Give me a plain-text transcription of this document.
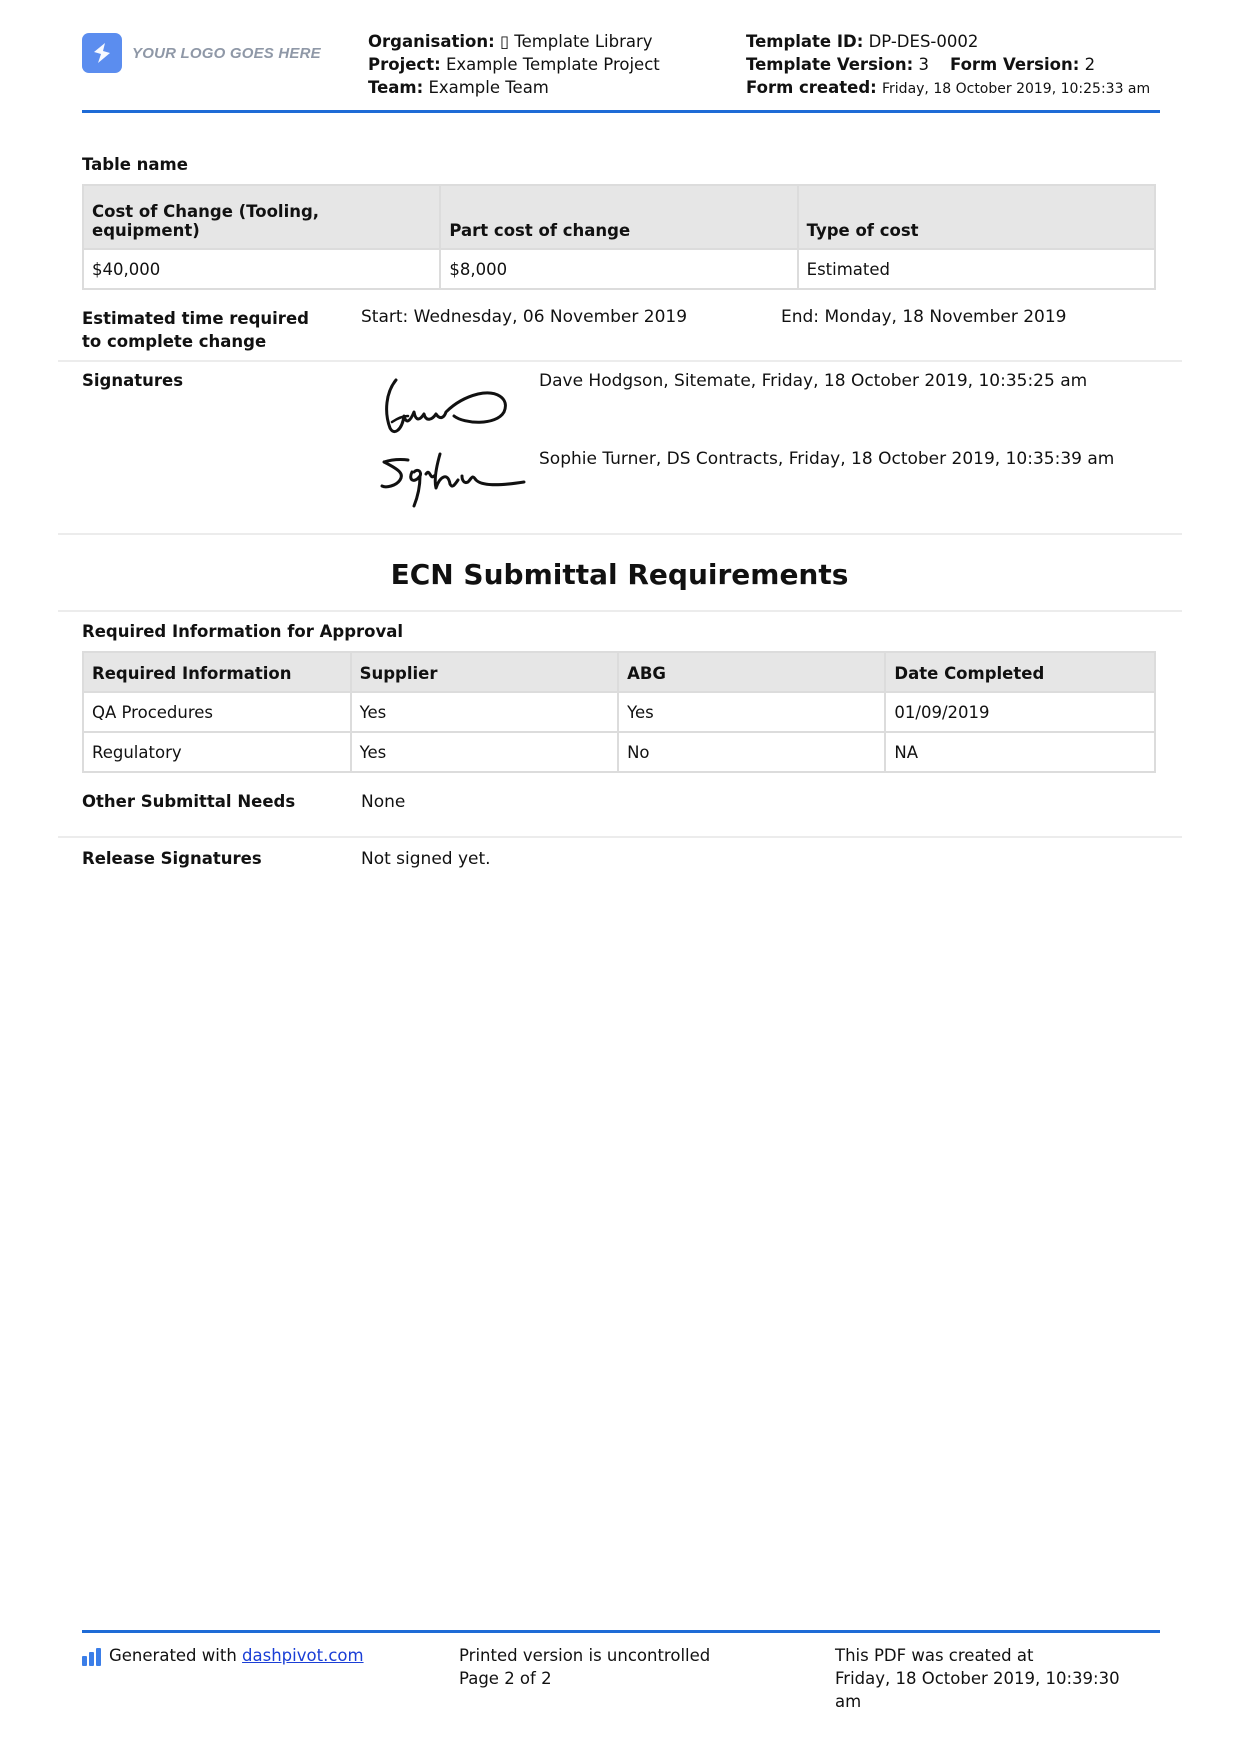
YOUR LOGO GOES HERE
Organisation: ▯ Template Library
Project: Example Template Project
Team: Example Team
Template ID: DP-DES-0002
Template Version: 3 Form Version: 2
Form created: Friday, 18 October 2019, 10:25:33 am
Table name
Cost of Change (Tooling, equipment)	Part cost of change	Type of cost
$40,000	$8,000	Estimated
Estimated time required to complete change
Start: Wednesday, 06 November 2019	End: Monday, 18 November 2019
Signatures	Dave Hodgson, Sitemate, Friday, 18 October 2019, 10:35:25 am
Sophie Turner, DS Contracts, Friday, 18 October 2019, 10:35:39 am
ECN Submittal Requirements
Required Information for Approval
Required Information	Supplier	ABG	Date Completed
QA Procedures	Yes	Yes	01/09/2019
Regulatory	Yes	No	NA
Other Submittal Needs	None
Release Signatures	Not signed yet.
Generated with dashpivot.com	Printed version is uncontrolled
Page 2 of 2
This PDF was created at
Friday, 18 October 2019, 10:39:30
am
